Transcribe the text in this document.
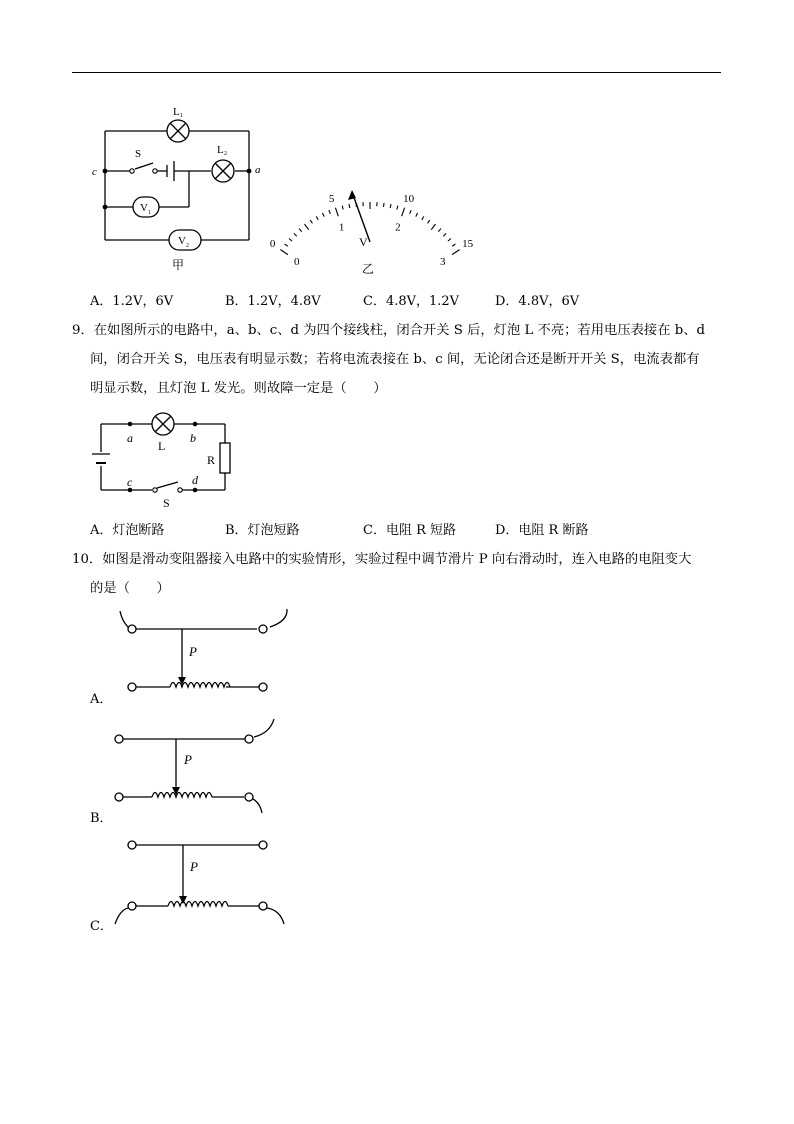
V 1
V 2
L 1
L 2
S
c	a
甲
0
5	10
15
0
1	2
3
V
乙
A．1.2V，6V	B．1.2V，4.8V	C．4.8V，1.2V	D．4.8V，6V

9．在如图所示的电路中，a、b、c、d 为四个接线柱，闭合开关 S 后，灯泡 L 不亮；若用电压表接在 b、d

间，闭合开关 S，电压表有明显示数；若将电流表接在 b、c 间，无论闭合还是断开开关 S，电流表都有

明显示数，且灯泡 L 发光。则故障一定是（　　）

a
L
b
R
c
S
d
A．灯泡断路	B．灯泡短路	C．电阻 R 短路	D．电阻 R 断路

10．如图是滑动变阻器接入电路中的实验情形，实验过程中调节滑片 P 向右滑动时，连入电路的电阻变大

的是（　　）

P
A．
P
B．
P
C．
